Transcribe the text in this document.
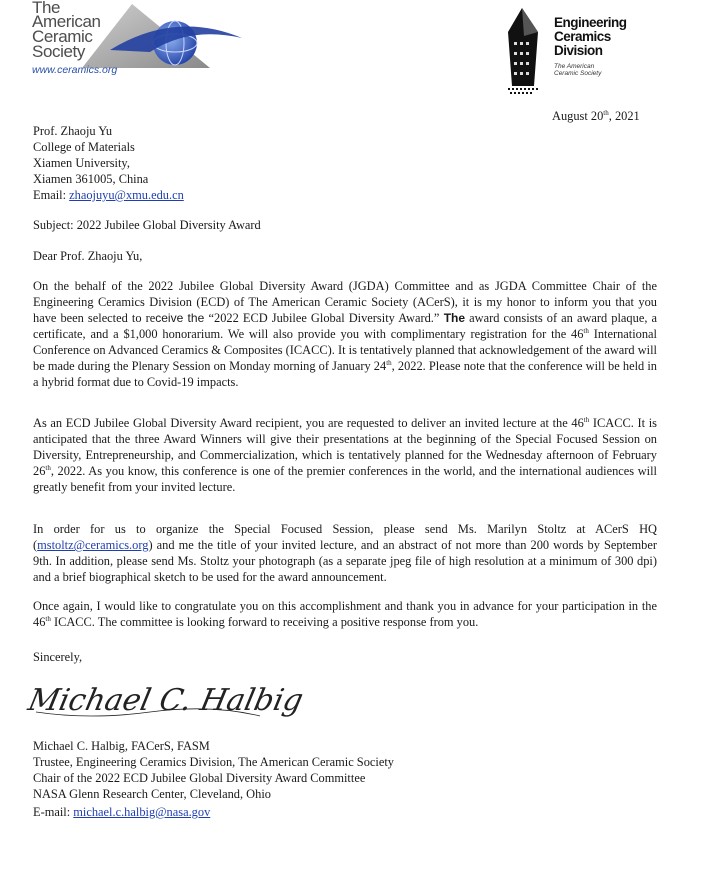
The
American
Ceramic
Society
www.ceramics.org
Engineering
Ceramics
Division
The American
Ceramic Society
August 20th, 2021
Prof. Zhaoju Yu
College of Materials
Xiamen University,
Xiamen 361005, China
Email: zhaojuyu@xmu.edu.cn
Subject: 2022 Jubilee Global Diversity Award
Dear Prof. Zhaoju Yu,
On the behalf of the 2022 Jubilee Global Diversity Award (JGDA) Committee and as JGDA Committee Chair of the Engineering Ceramics Division (ECD) of The American Ceramic Society (ACerS), it is my honor to inform you that you have been selected to receive the “2022 ECD Jubilee Global Diversity Award.” The award consists of an award plaque, a certificate, and a $1,000 honorarium. We will also provide you with complimentary registration for the 46th International Conference on Advanced Ceramics & Composites (ICACC). It is tentatively planned that acknowledgement of the award will be made during the Plenary Session on Monday morning of January 24th, 2022. Please note that the conference will be held in a hybrid format due to Covid-19 impacts.
As an ECD Jubilee Global Diversity Award recipient, you are requested to deliver an invited lecture at the 46th ICACC. It is anticipated that the three Award Winners will give their presentations at the beginning of the Special Focused Session on Diversity, Entrepreneurship, and Commercialization, which is tentatively planned for the Wednesday afternoon of February 26th, 2022. As you know, this conference is one of the premier conferences in the world, and the international audiences will greatly benefit from your invited lecture.
In order for us to organize the Special Focused Session, please send Ms. Marilyn Stoltz at ACerS HQ (mstoltz@ceramics.org) and me the title of your invited lecture, and an abstract of not more than 200 words by September 9th. In addition, please send Ms. Stoltz your photograph (as a separate jpeg file of high resolution at a minimum of 300 dpi) and a brief biographical sketch to be used for the award announcement.
Once again, I would like to congratulate you on this accomplishment and thank you in advance for your participation in the 46th ICACC. The committee is looking forward to receiving a positive response from you.
Sincerely,
Michael C. Halbig
Michael C. Halbig, FACerS, FASM
Trustee, Engineering Ceramics Division, The American Ceramic Society
Chair of the 2022 ECD Jubilee Global Diversity Award Committee
NASA Glenn Research Center, Cleveland, Ohio
E-mail: michael.c.halbig@nasa.gov
